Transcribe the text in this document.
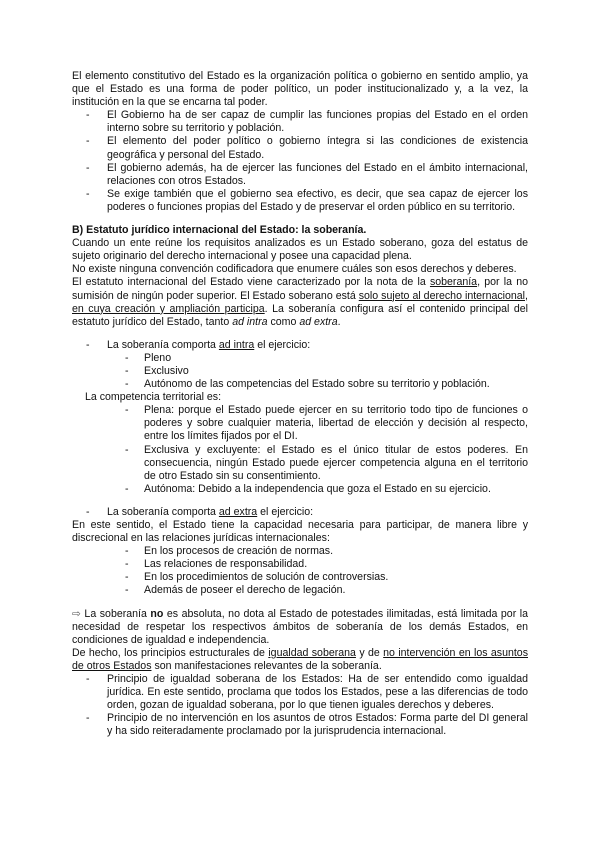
El elemento constitutivo del Estado es la organización política o gobierno en sentido amplio, ya que el Estado es una forma de poder político, un poder institucionalizado y, a la vez, la institución en la que se encarna tal poder.

- El Gobierno ha de ser capaz de cumplir las funciones propias del Estado en el orden interno sobre su territorio y población.
- El elemento del poder político o gobierno íntegra si las condiciones de existencia geográfica y personal del Estado.
- El gobierno además, ha de ejercer las funciones del Estado en el ámbito internacional, relaciones con otros Estados.
- Se exige también que el gobierno sea efectivo, es decir, que sea capaz de ejercer los poderes o funciones propias del Estado y de preservar el orden público en su territorio.

B) Estatuto jurídico internacional del Estado: la soberanía.

Cuando un ente reúne los requisitos analizados es un Estado soberano, goza del estatus de sujeto originario del derecho internacional y posee una capacidad plena.

No existe ninguna convención codificadora que enumere cuáles son esos derechos y deberes.

El estatuto internacional del Estado viene caracterizado por la nota de la soberanía, por la no sumisión de ningún poder superior. El Estado soberano está solo sujeto al derecho internacional, en cuya creación y ampliación participa. La soberanía configura así el contenido principal del estatuto jurídico del Estado, tanto ad intra como ad extra.

- La soberanía comporta ad intra el ejercicio:
- Pleno
- Exclusivo
- Autónomo de las competencias del Estado sobre su territorio y población.

La competencia territorial es:

- Plena: porque el Estado puede ejercer en su territorio todo tipo de funciones o poderes y sobre cualquier materia, libertad de elección y decisión al respecto, entre los límites fijados por el DI.
- Exclusiva y excluyente: el Estado es el único titular de estos poderes. En consecuencia, ningún Estado puede ejercer competencia alguna en el territorio de otro Estado sin su consentimiento.
- Autónoma: Debido a la independencia que goza el Estado en su ejercicio.
- La soberanía comporta ad extra el ejercicio:

En este sentido, el Estado tiene la capacidad necesaria para participar, de manera libre y discrecional en las relaciones jurídicas internacionales:

- En los procesos de creación de normas.
- Las relaciones de responsabilidad.
- En los procedimientos de solución de controversias.
- Además de poseer el derecho de legación.

⇨ La soberanía no es absoluta, no dota al Estado de potestades ilimitadas, está limitada por la necesidad de respetar los respectivos ámbitos de soberanía de los demás Estados, en condiciones de igualdad e independencia.

De hecho, los principios estructurales de igualdad soberana y de no intervención en los asuntos de otros Estados son manifestaciones relevantes de la soberanía.

- Principio de igualdad soberana de los Estados: Ha de ser entendido como igualdad jurídica. En este sentido, proclama que todos los Estados, pese a las diferencias de todo orden, gozan de igualdad soberana, por lo que tienen iguales derechos y deberes.
- Principio de no intervención en los asuntos de otros Estados: Forma parte del DI general y ha sido reiteradamente proclamado por la jurisprudencia internacional.
